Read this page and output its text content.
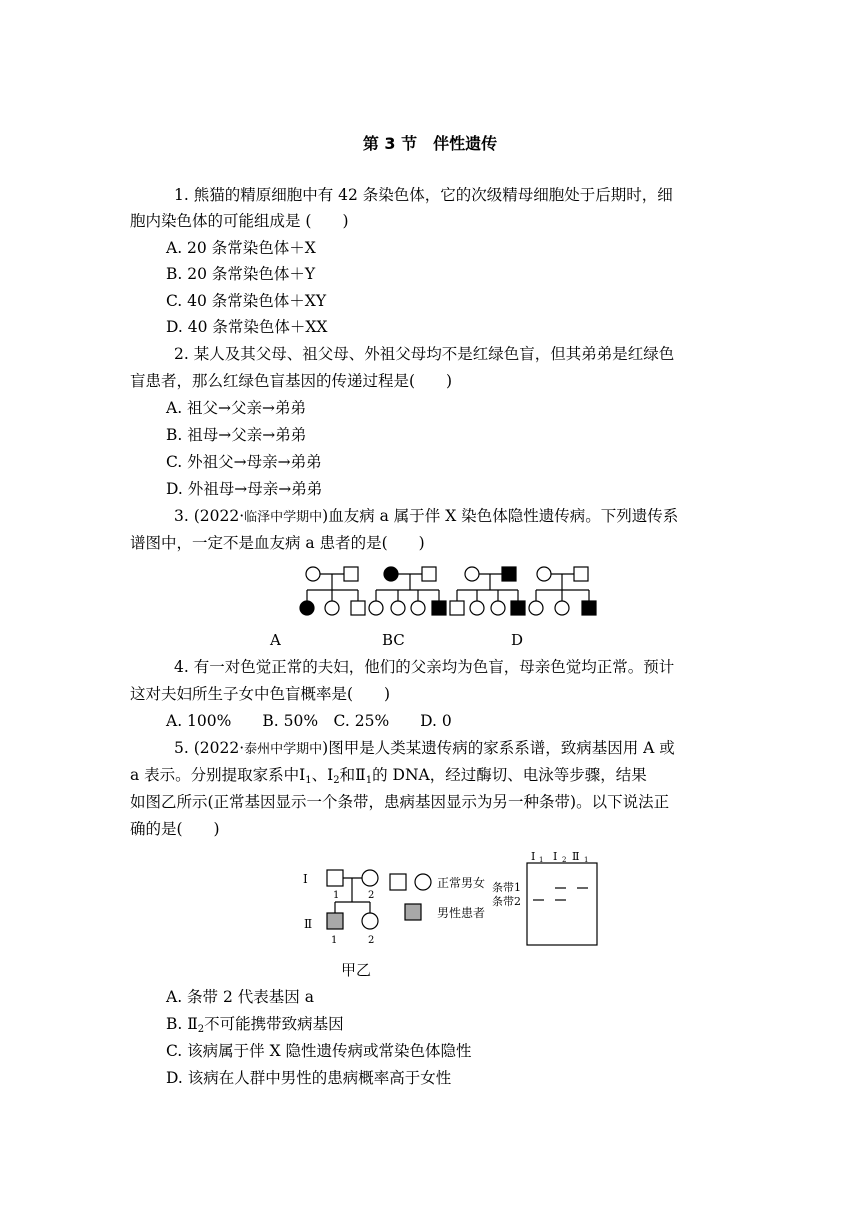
第 3 节　伴性遗传
1. 熊猫的精原细胞中有 42 条染色体，它的次级精母细胞处于后期时，细
胞内染色体的可能组成是 (　　)
A. 20 条常染色体＋X
B. 20 条常染色体＋Y
C. 40 条常染色体＋XY
D. 40 条常染色体＋XX
2. 某人及其父母、祖父母、外祖父母均不是红绿色盲，但其弟弟是红绿色
盲患者，那么红绿色盲基因的传递过程是(　　)
A. 祖父→父亲→弟弟
B. 祖母→父亲→弟弟
C. 外祖父→母亲→弟弟
D. 外祖母→母亲→弟弟
3. (2022·临泽中学期中)血友病 a 属于伴 X 染色体隐性遗传病。下列遗传系
谱图中，一定不是血友病 a 患者的是(　　)
A	BC	D
4. 有一对色觉正常的夫妇，他们的父亲均为色盲，母亲色觉均正常。预计
这对夫妇所生子女中色盲概率是(　　)
A. 100%　　B. 50%　C. 25%　　D. 0
5. (2022·泰州中学期中)图甲是人类某遗传病的家系系谱，致病基因用 A 或
a 表示。分别提取家系中$Ⅰ_1$、$Ⅰ_2$和$Ⅱ_1$的 DNA，经过酶切、电泳等步骤，结果
如图乙所示(正常基因显示一个条带，患病基因显示为另一种条带)。以下说法正
确的是(　　)
Ⅰ
Ⅱ
1	2
1	2
正常男女
男性患者
条带1
条带2
Ⅰ 1 Ⅰ 2 Ⅱ 1
甲乙
A. 条带 2 代表基因 a
B. $Ⅱ_2$不可能携带致病基因
C. 该病属于伴 X 隐性遗传病或常染色体隐性
D. 该病在人群中男性的患病概率高于女性
